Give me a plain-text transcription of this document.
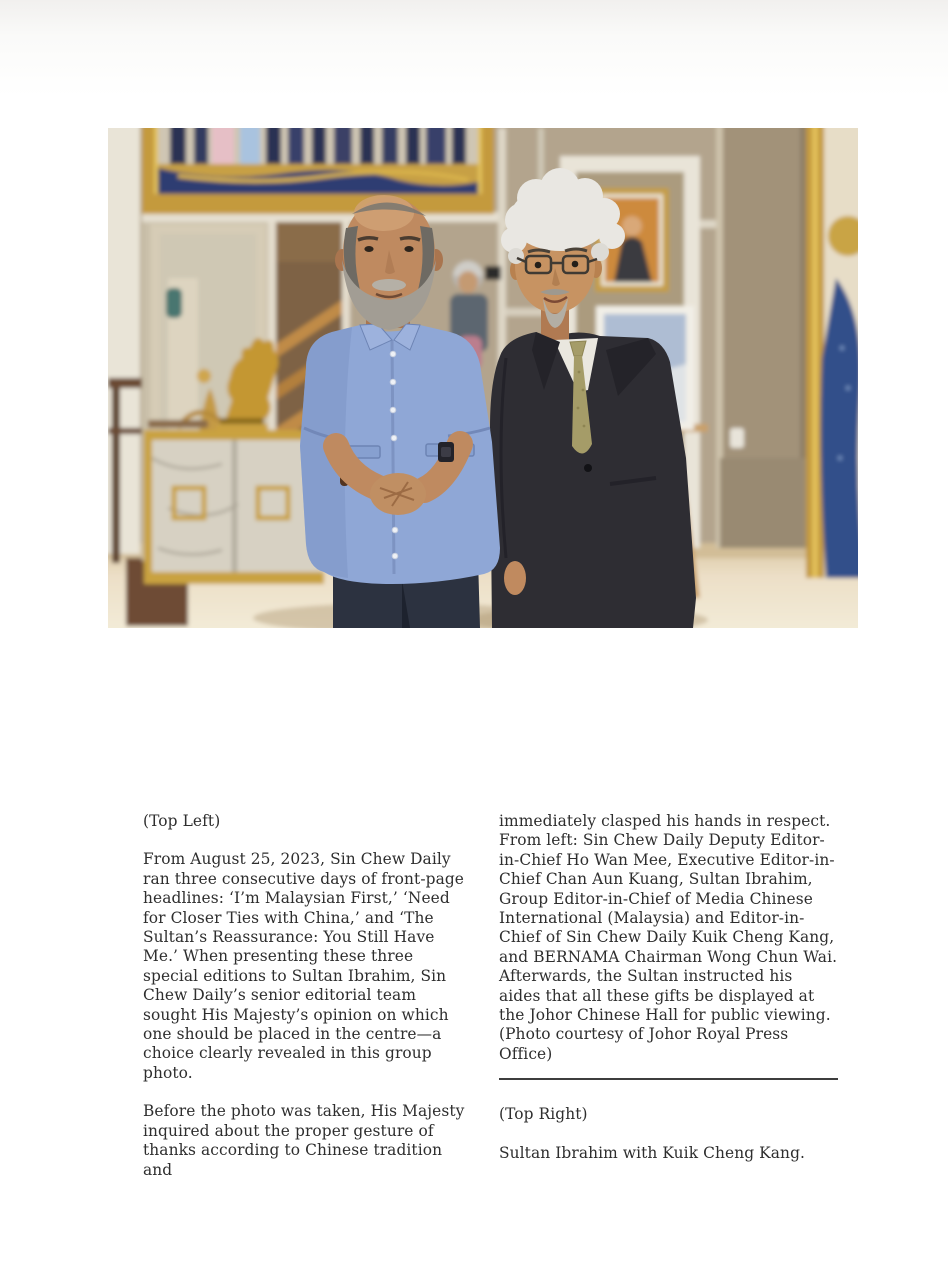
(Top Left)

From August 25, 2023, Sin Chew Daily ran three consecutive days of front-page headlines: ‘I’m Malaysian First,’ ‘Need for Closer Ties with China,’ and ‘The Sultan’s Reassurance: You Still Have Me.’ When presenting these three special editions to Sultan Ibrahim, Sin Chew Daily’s senior editorial team sought His Majesty’s opinion on which one should be placed in the centre—a choice clearly revealed in this group photo.

Before the photo was taken, His Majesty inquired about the proper gesture of thanks according to Chinese tradition and

immediately clasped his hands in respect. From left: Sin Chew Daily Deputy Editor-in-Chief Ho Wan Mee, Executive Editor-in-Chief Chan Aun Kuang, Sultan Ibrahim, Group Editor-in-Chief of Media Chinese International (Malaysia) and Editor-in-Chief of Sin Chew Daily Kuik Cheng Kang, and BERNAMA Chairman Wong Chun Wai. Afterwards, the Sultan instructed his aides that all these gifts be displayed at the Johor Chinese Hall for public viewing. (Photo courtesy of Johor Royal Press Office)

(Top Right)

Sultan Ibrahim with Kuik Cheng Kang.
